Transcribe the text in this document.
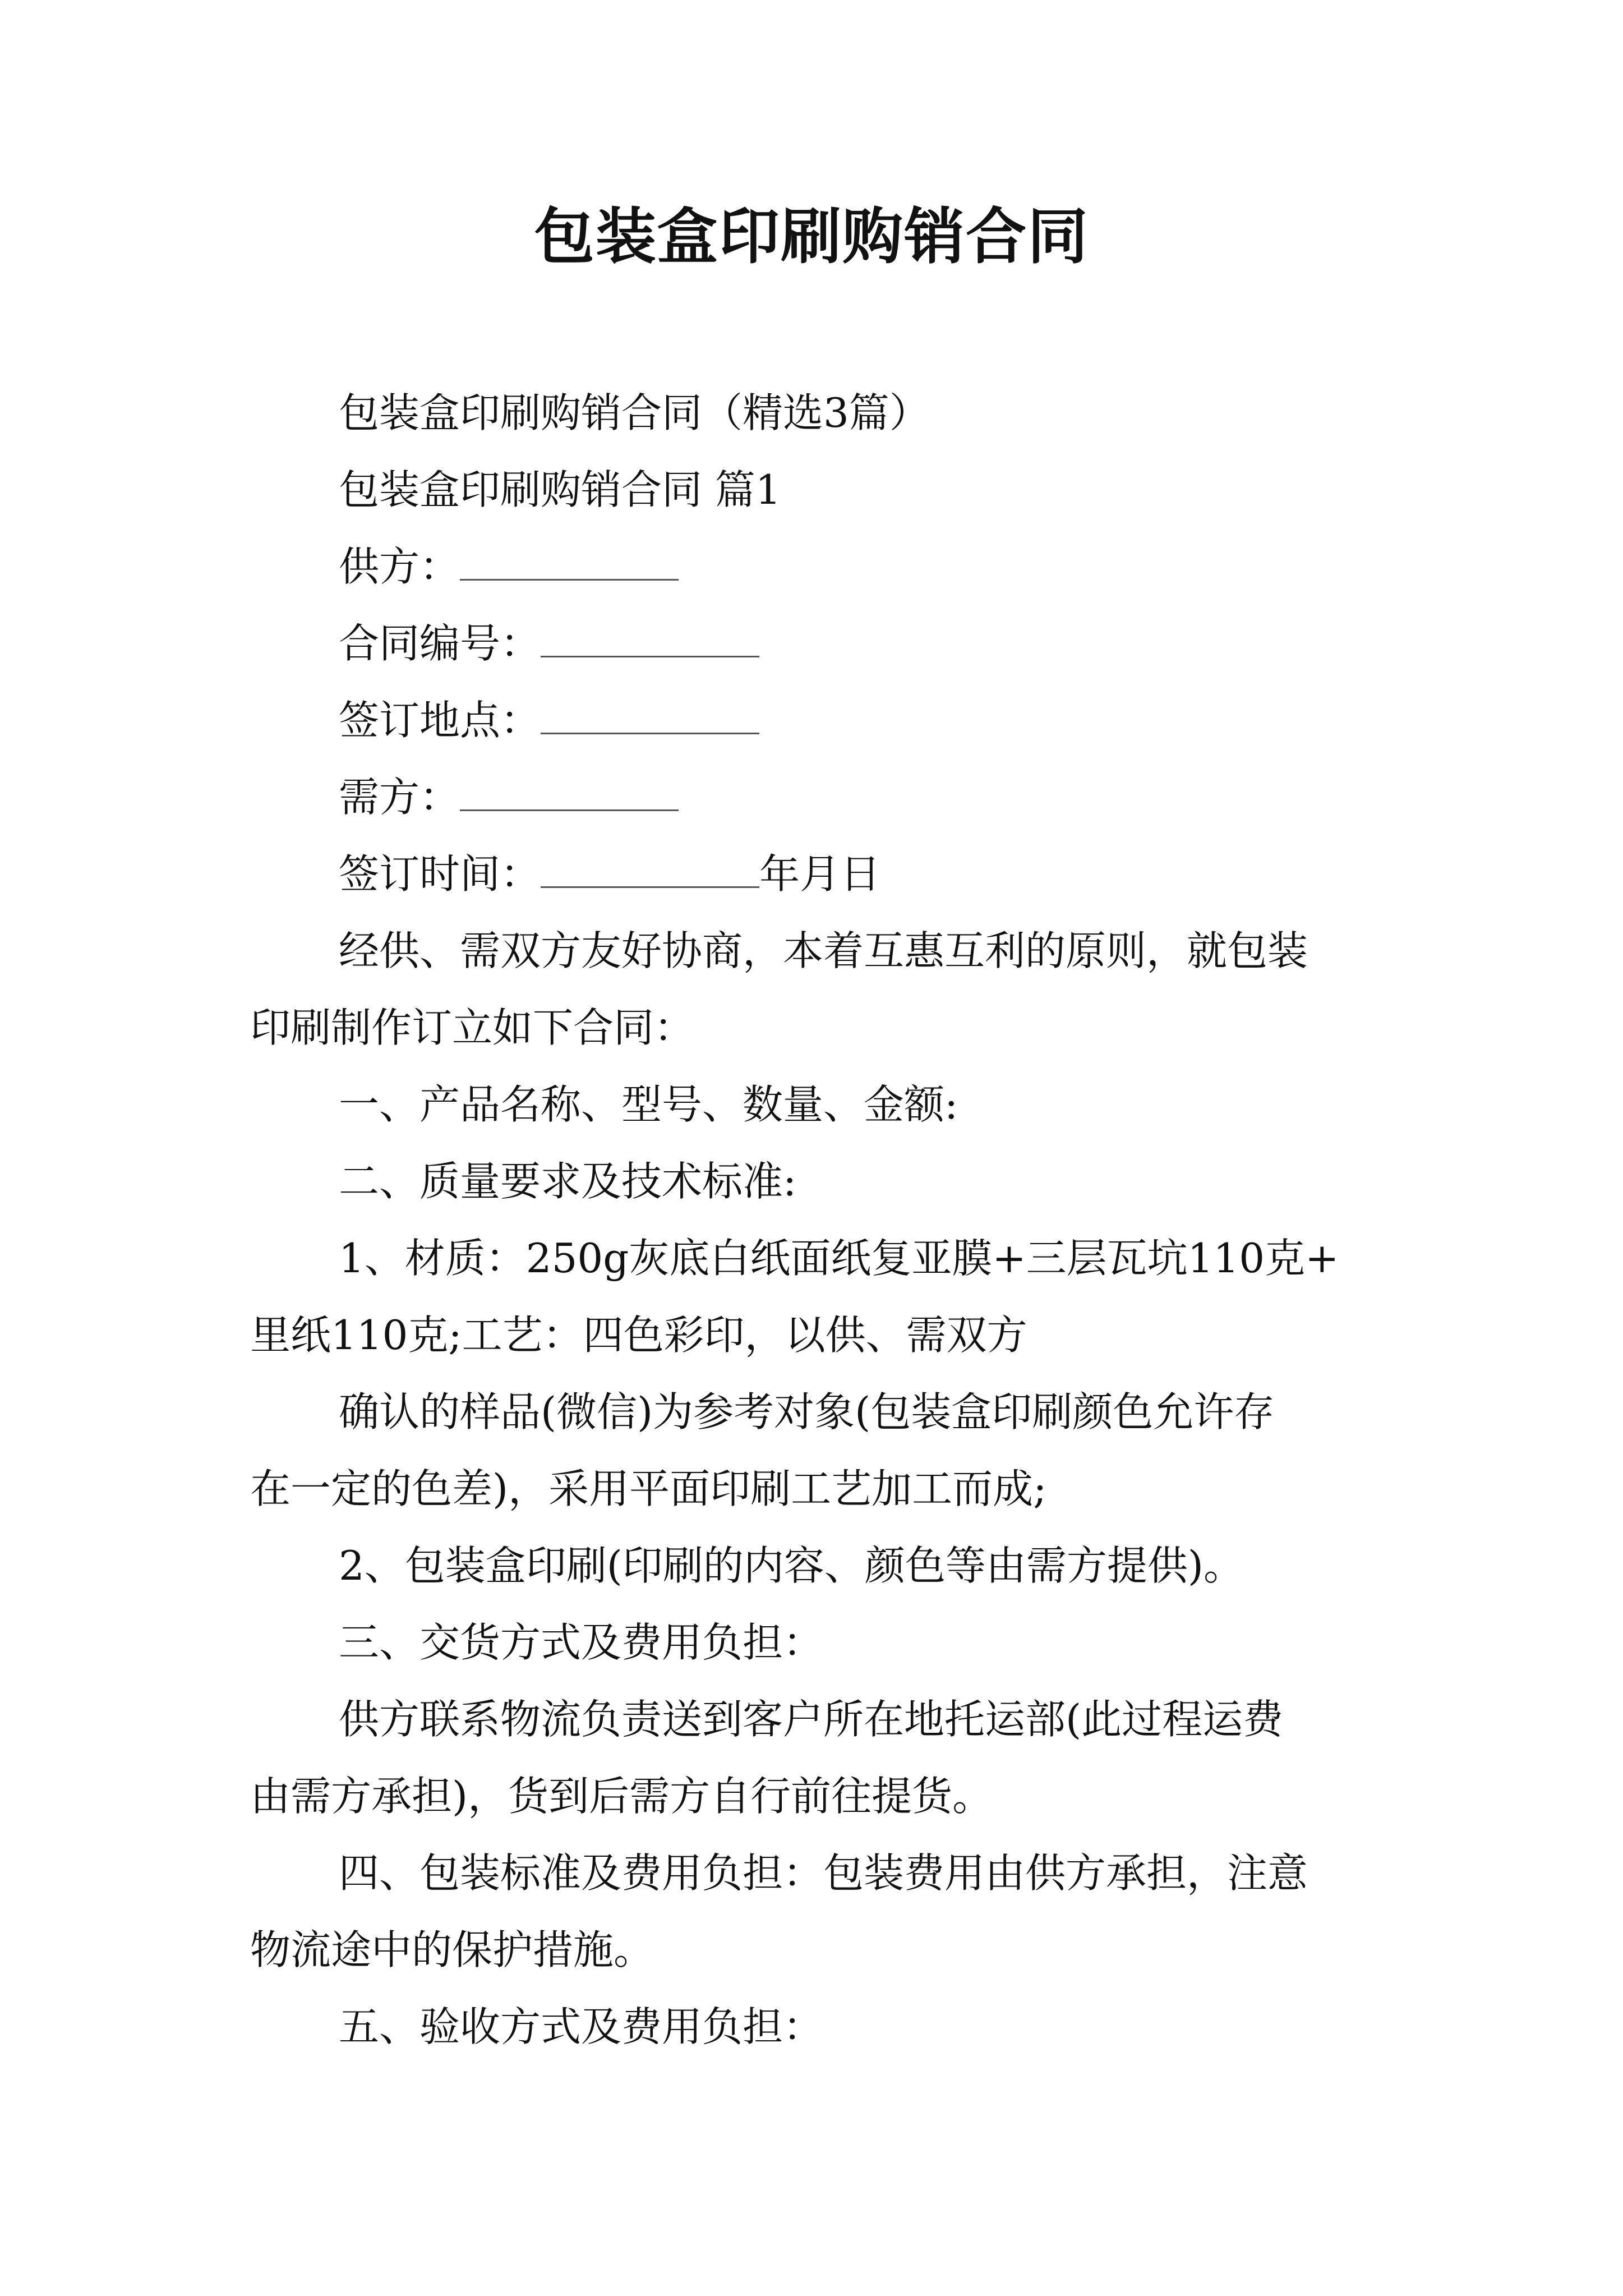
包装盒印刷购销合同
包装盒印刷购销合同（精选3篇）
包装盒印刷购销合同 篇1
供方：
合同编号：
签订地点：
需方：
签订时间：	年月日
经供、需双方友好协商，本着互惠互利的原则，就包装
印刷制作订立如下合同：
一、产品名称、型号、数量、金额:
二、质量要求及技术标准:
1、材质：250g灰底白纸面纸复亚膜+三层瓦坑110克+
里纸110克;工艺：四色彩印，以供、需双方
确认的样品(微信)为参考对象(包装盒印刷颜色允许存
在一定的色差)，采用平面印刷工艺加工而成;
2、包装盒印刷(印刷的内容、颜色等由需方提供)。
三、交货方式及费用负担：
供方联系物流负责送到客户所在地托运部(此过程运费
由需方承担)，货到后需方自行前往提货。
四、包装标准及费用负担：包装费用由供方承担，注意
物流途中的保护措施。
五、验收方式及费用负担：
